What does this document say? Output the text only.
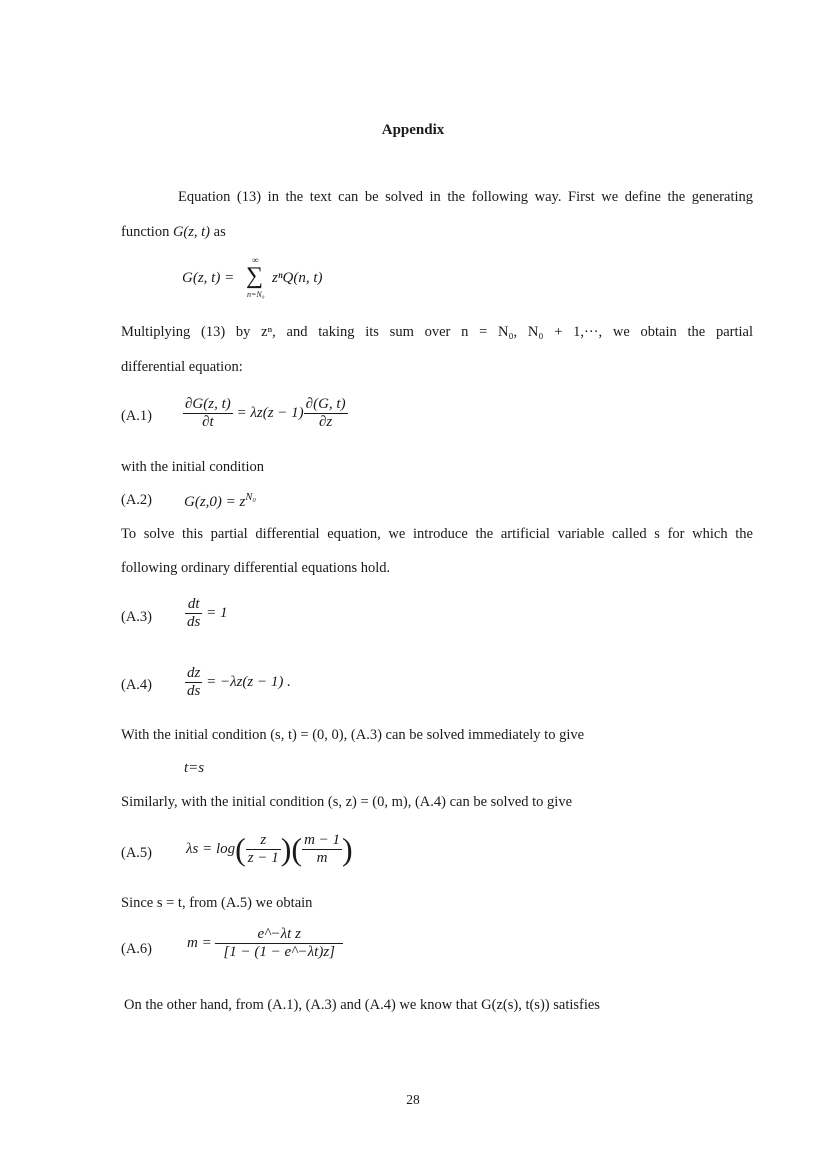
Appendix
Equation (13) in the text can be solved in the following way. First we define the generating
function G(z, t) as
G(z, t) = ∑
∞
n=N₀
zⁿQ(n, t)
Multiplying (13) by zⁿ, and taking its sum over n = N₀, N₀ + 1,···, we obtain the partial
differential equation:
$(A.1) \frac{\partial G(z, t)}{\partial t} = \lambda z(z - 1) \frac{\partial(G, t)}{\partial z}$
with the initial condition
(A.2) $G(z,0) = z^{N_0}$
To solve this partial differential equation, we introduce the artificial variable called s for which the
following ordinary differential equations hold.
$(A.3) \frac{dt}{ds} = 1$
$(A.4) \frac{dz}{ds} = -\lambda z(z - 1)$ .
With the initial condition (s, t) = (0, 0), (A.3) can be solved immediately to give
t=s
Similarly, with the initial condition (s, z) = (0, m), (A.4) can be solved to give
(A.5) $\lambda s = \log( \frac{z}{z - 1}$ )( $\frac{m - 1}{m}$ )
Since s = t, from (A.5) we obtain
(A.6) $m = \frac{\text{e\textasciicircum{}−λt z}}{[1 - (1 - e\^{}-\lambda t)z]}$
On the other hand, from (A.1), (A.3) and (A.4) we know that G(z(s), t(s)) satisfies
28
